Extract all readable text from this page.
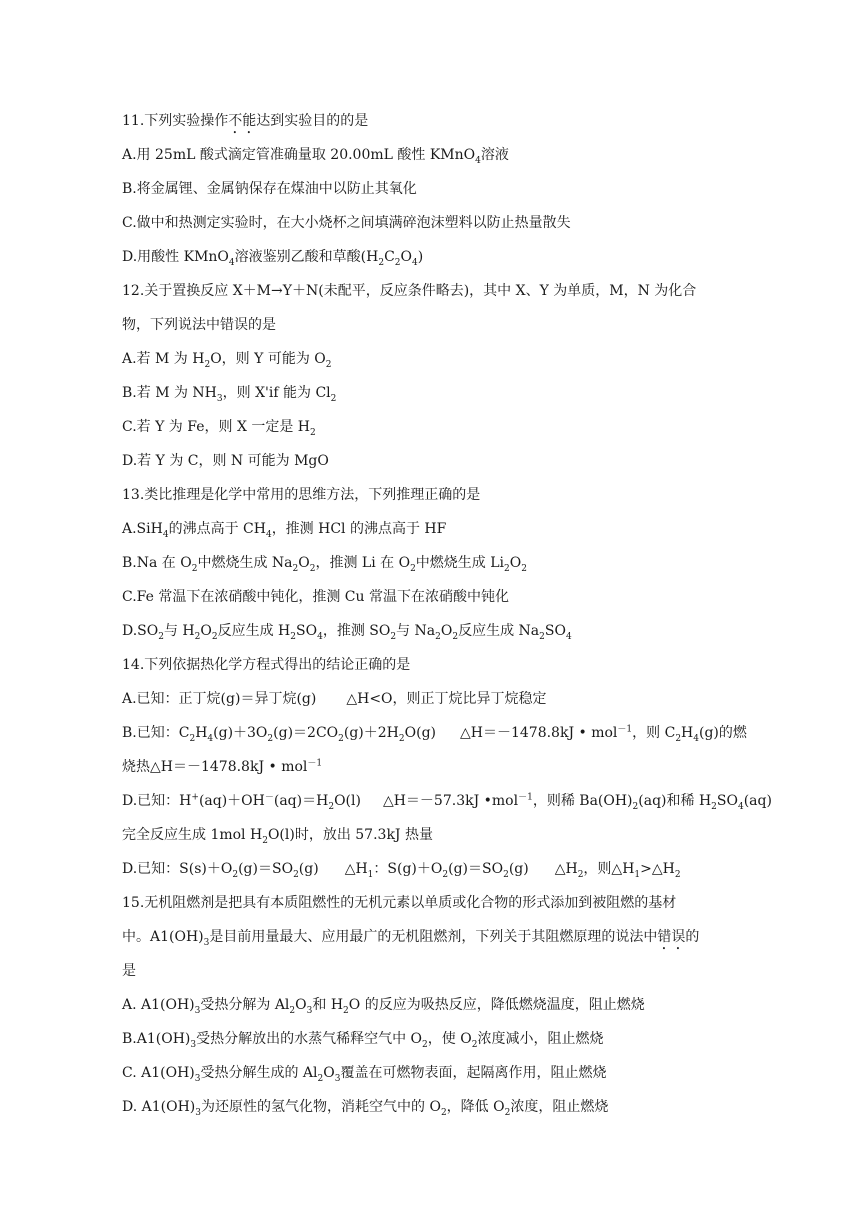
11.下列实验操作不能达到实验目的的是
A.用 25mL 酸式滴定管准确量取 20.00mL 酸性 KMnO$_4$溶液
B.将金属锂、金属钠保存在煤油中以防止其氧化
C.做中和热测定实验时，在大小烧杯之间填满碎泡沫塑料以防止热量散失
D.用酸性 KMnO$_4$溶液鉴别乙酸和草酸$(H_2C_2O_4)$
12.关于置换反应 X＋M→Y＋N(未配平，反应条件略去)，其中 X、Y 为单质，M，N 为化合
物，下列说法中错误的是
A.若 M 为 $H_2O$，则 Y 可能为 $O_2$
B.若 M 为 $NH_3$，则 X'if 能为 $Cl_2$
C.若 Y 为 Fe，则 X 一定是 $H_2$
D.若 Y 为 C，则 N 可能为 MgO
13.类比推理是化学中常用的思维方法，下列推理正确的是
A.SiH$_4$的沸点高于 $CH_4$，推测 HCl 的沸点高于 HF
B.Na 在 $O_2$中燃烧生成 $Na_2O_2$，推测 Li 在 $O_2$中燃烧生成 $Li_2O_2$
C.Fe 常温下在浓硝酸中钝化，推测 Cu 常温下在浓硝酸中钝化
$D.SO_2$与 $H_2O_2$反应生成 $H_2SO_4$，推测 $SO_2$与 $Na_2O_2$反应生成 $Na_2SO_4$
14.下列依据热化学方程式得出的结论正确的是
A.已知：正丁烷(g)＝异丁烷(g) △H<O，则正丁烷比异丁烷稳定
B.已知：$C_2H_4(g)+3O_2(g)=2CO_2(g)+2H_2O(g)$ △H＝－1478.8kJ • mol$^{-1}$，则 $C_2H_4(g)$的燃
烧热△H＝－1478.8kJ • mol$^{-1}$
D.已知：$H^+(aq)+OH^-(aq)=H_2O(l)$ △H＝－57.3kJ •mol$^{-1}$，则稀 $Ba(OH)_2(aq)$和稀 $H_2SO_4(aq)$
完全反应生成 1mol $H_2O(l)$时，放出 57.3kJ 热量
D.已知：$S(s)+O_2(g)=SO_2(g)$ $\triangle H_1$：$S(g)+O_2(g)=SO_2(g)$ $\triangle H_2$，则$\triangle H_1>\triangle H_2$
15.无机阻燃剂是把具有本质阻燃性的无机元素以单质或化合物的形式添加到被阻燃的基材
中。$A1(OH)_3$是目前用量最大、应用最广的无机阻燃剂，下列关于其阻燃原理的说法中错误的
是
A. $A1(OH)_3$受热分解为 $Al_2O_3$和 $H_2O$ 的反应为吸热反应，降低燃烧温度，阻止燃烧
$B.A1(OH)_3$受热分解放出的水蒸气稀释空气中 $O_2$，使 $O_2$浓度减小，阻止燃烧
C. $A1(OH)_3$受热分解生成的 $Al_2O_3$覆盖在可燃物表面，起隔离作用，阻止燃烧
D. $A1(OH)_3$为还原性的氢气化物，消耗空气中的 $O_2$，降低 $O_2$浓度，阻止燃烧
